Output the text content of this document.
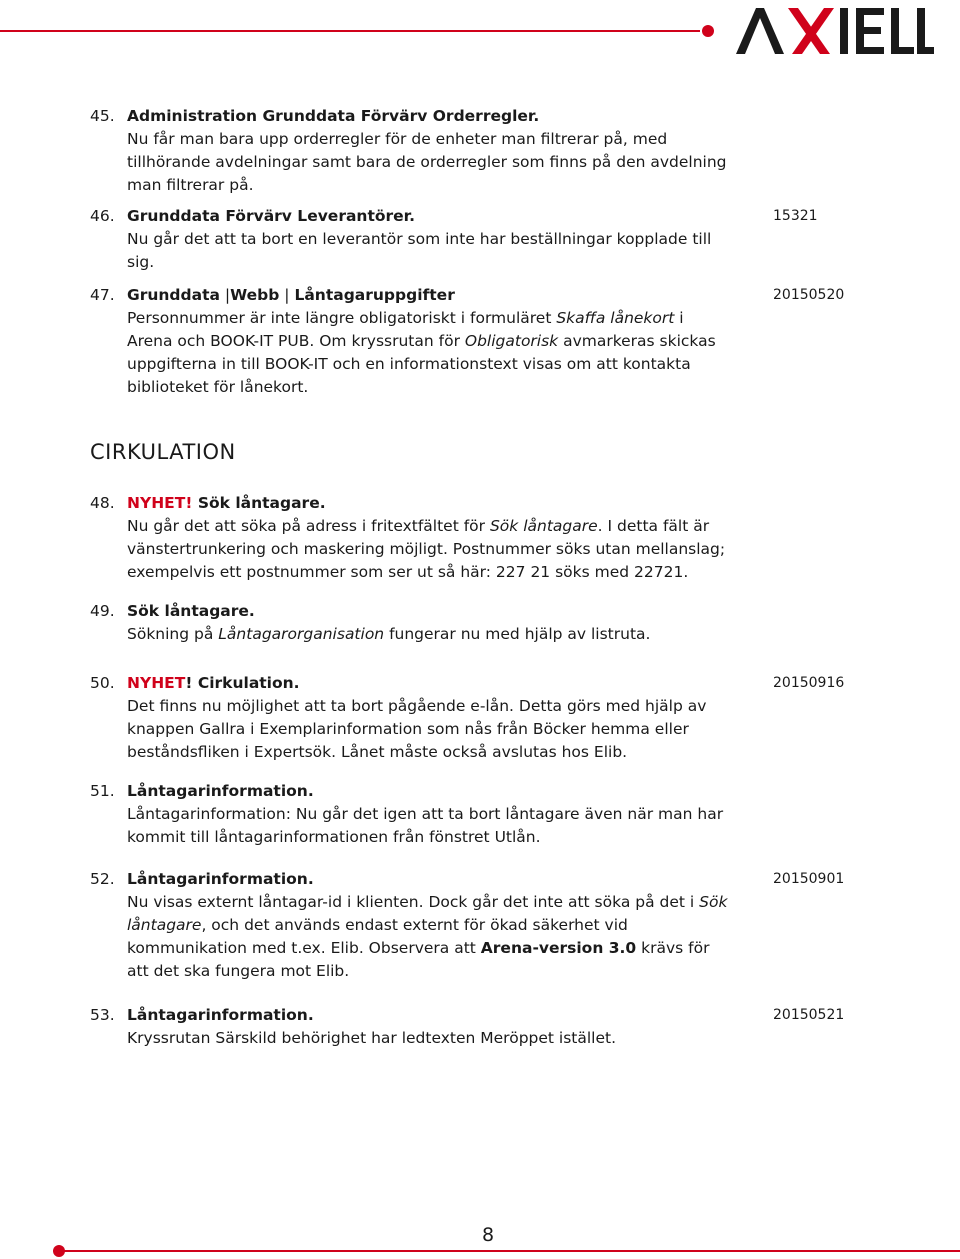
45. Administration Grunddata Förvärv Orderregler.
Nu får man bara upp orderregler för de enheter man filtrerar på, med tillhörande avdelningar samt bara de orderregler som finns på den avdelning man filtrerar på.
46. Grunddata Förvärv Leverantörer.
Nu går det att ta bort en leverantör som inte har beställningar kopplade till sig.
15321
47. Grunddata |Webb | Låntagaruppgifter
Personnummer är inte längre obligatoriskt i formuläret Skaffa lånekort i Arena och BOOK-IT PUB. Om kryssrutan för Obligatorisk avmarkeras skickas uppgifterna in till BOOK-IT och en informationstext visas om att kontakta biblioteket för lånekort.
20150520
CIRKULATION
48. NYHET! Sök låntagare.
Nu går det att söka på adress i fritextfältet för Sök låntagare. I detta fält är vänstertrunkering och maskering möjligt. Postnummer söks utan mellanslag; exempelvis ett postnummer som ser ut så här: 227 21 söks med 22721.
49. Sök låntagare.
Sökning på Låntagarorganisation fungerar nu med hjälp av listruta.
50. NYHET! Cirkulation.
Det finns nu möjlighet att ta bort pågående e-lån. Detta görs med hjälp av knappen Gallra i Exemplarinformation som nås från Böcker hemma eller beståndsfliken i Expertsök. Lånet måste också avslutas hos Elib.
20150916
51. Låntagarinformation.
Låntagarinformation: Nu går det igen att ta bort låntagare även när man har kommit till låntagarinformationen från fönstret Utlån.
52. Låntagarinformation.
Nu visas externt låntagar-id i klienten. Dock går det inte att söka på det i Sök låntagare, och det används endast externt för ökad säkerhet vid kommunikation med t.ex. Elib. Observera att Arena-version 3.0 krävs för att det ska fungera mot Elib.
20150901
53. Låntagarinformation.
Kryssrutan Särskild behörighet har ledtexten Meröppet istället.
20150521
8
